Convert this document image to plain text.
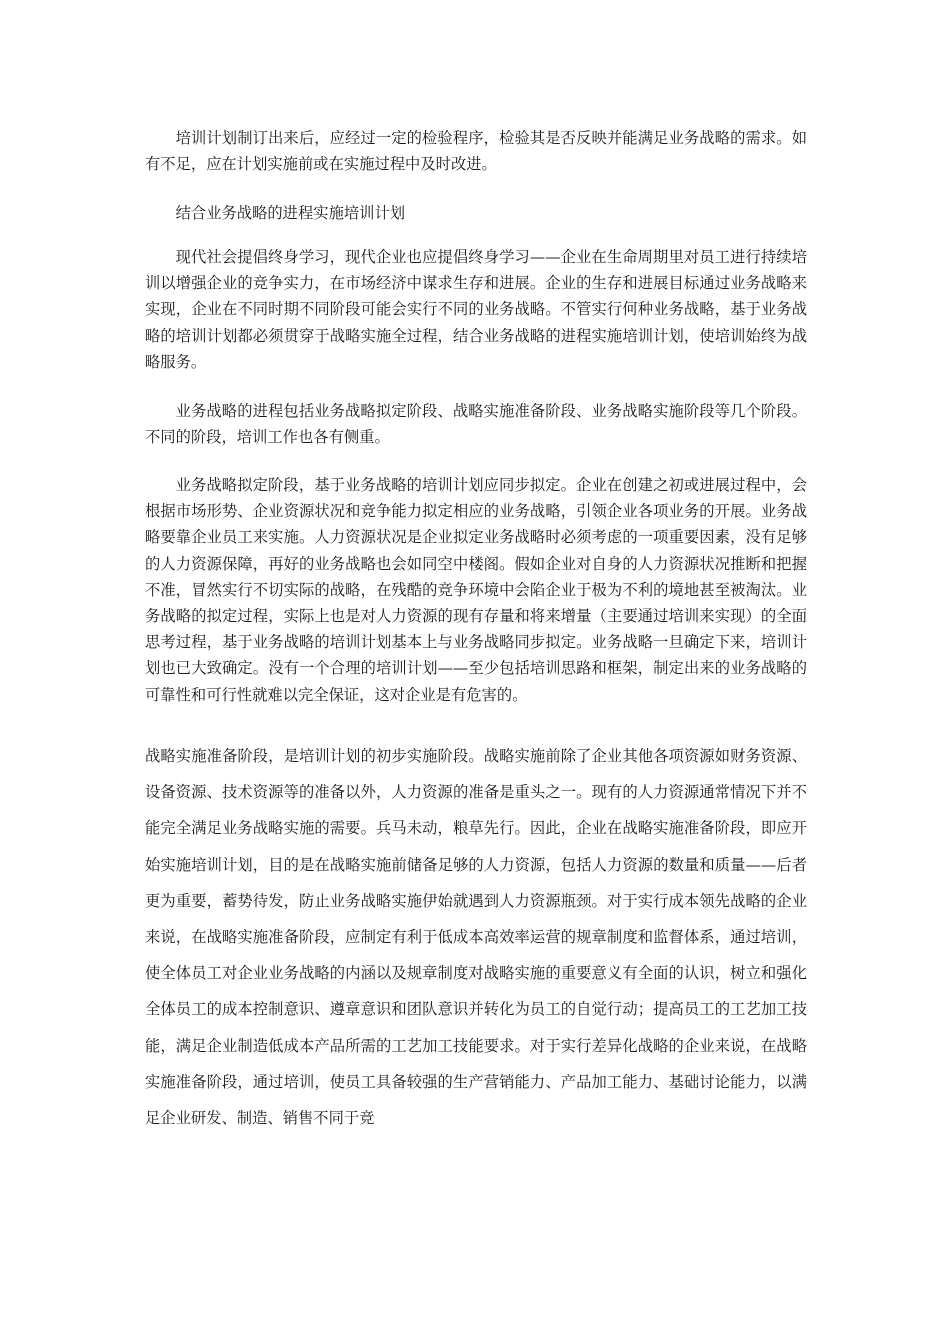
培训计划制订出来后，应经过一定的检验程序，检验其是否反映并能满足业务战略的需求。如有不足，应在计划实施前或在实施过程中及时改进。

结合业务战略的进程实施培训计划

现代社会提倡终身学习，现代企业也应提倡终身学习——企业在生命周期里对员工进行持续培训以增强企业的竞争实力，在市场经济中谋求生存和进展。企业的生存和进展目标通过业务战略来实现，企业在不同时期不同阶段可能会实行不同的业务战略。不管实行何种业务战略，基于业务战略的培训计划都必须贯穿于战略实施全过程，结合业务战略的进程实施培训计划，使培训始终为战略服务。

业务战略的进程包括业务战略拟定阶段、战略实施准备阶段、业务战略实施阶段等几个阶段。不同的阶段，培训工作也各有侧重。

业务战略拟定阶段，基于业务战略的培训计划应同步拟定。企业在创建之初或进展过程中，会根据市场形势、企业资源状况和竞争能力拟定相应的业务战略，引领企业各项业务的开展。业务战略要靠企业员工来实施。人力资源状况是企业拟定业务战略时必须考虑的一项重要因素，没有足够的人力资源保障，再好的业务战略也会如同空中楼阁。假如企业对自身的人力资源状况推断和把握不准，冒然实行不切实际的战略，在残酷的竞争环境中会陷企业于极为不利的境地甚至被淘汰。业务战略的拟定过程，实际上也是对人力资源的现有存量和将来增量（主要通过培训来实现）的全面思考过程，基于业务战略的培训计划基本上与业务战略同步拟定。业务战略一旦确定下来，培训计划也已大致确定。没有一个合理的培训计划——至少包括培训思路和框架，制定出来的业务战略的可靠性和可行性就难以完全保证，这对企业是有危害的。

战略实施准备阶段，是培训计划的初步实施阶段。战略实施前除了企业其他各项资源如财务资源、设备资源、技术资源等的准备以外，人力资源的准备是重头之一。现有的人力资源通常情况下并不能完全满足业务战略实施的需要。兵马未动，粮草先行。因此，企业在战略实施准备阶段，即应开始实施培训计划，目的是在战略实施前储备足够的人力资源，包括人力资源的数量和质量——后者更为重要，蓄势待发，防止业务战略实施伊始就遇到人力资源瓶颈。对于实行成本领先战略的企业来说，在战略实施准备阶段，应制定有利于低成本高效率运营的规章制度和监督体系，通过培训，使全体员工对企业业务战略的内涵以及规章制度对战略实施的重要意义有全面的认识，树立和强化全体员工的成本控制意识、遵章意识和团队意识并转化为员工的自觉行动；提高员工的工艺加工技能，满足企业制造低成本产品所需的工艺加工技能要求。对于实行差异化战略的企业来说，在战略实施准备阶段，通过培训，使员工具备较强的生产营销能力、产品加工能力、基础讨论能力，以满足企业研发、制造、销售不同于竞
